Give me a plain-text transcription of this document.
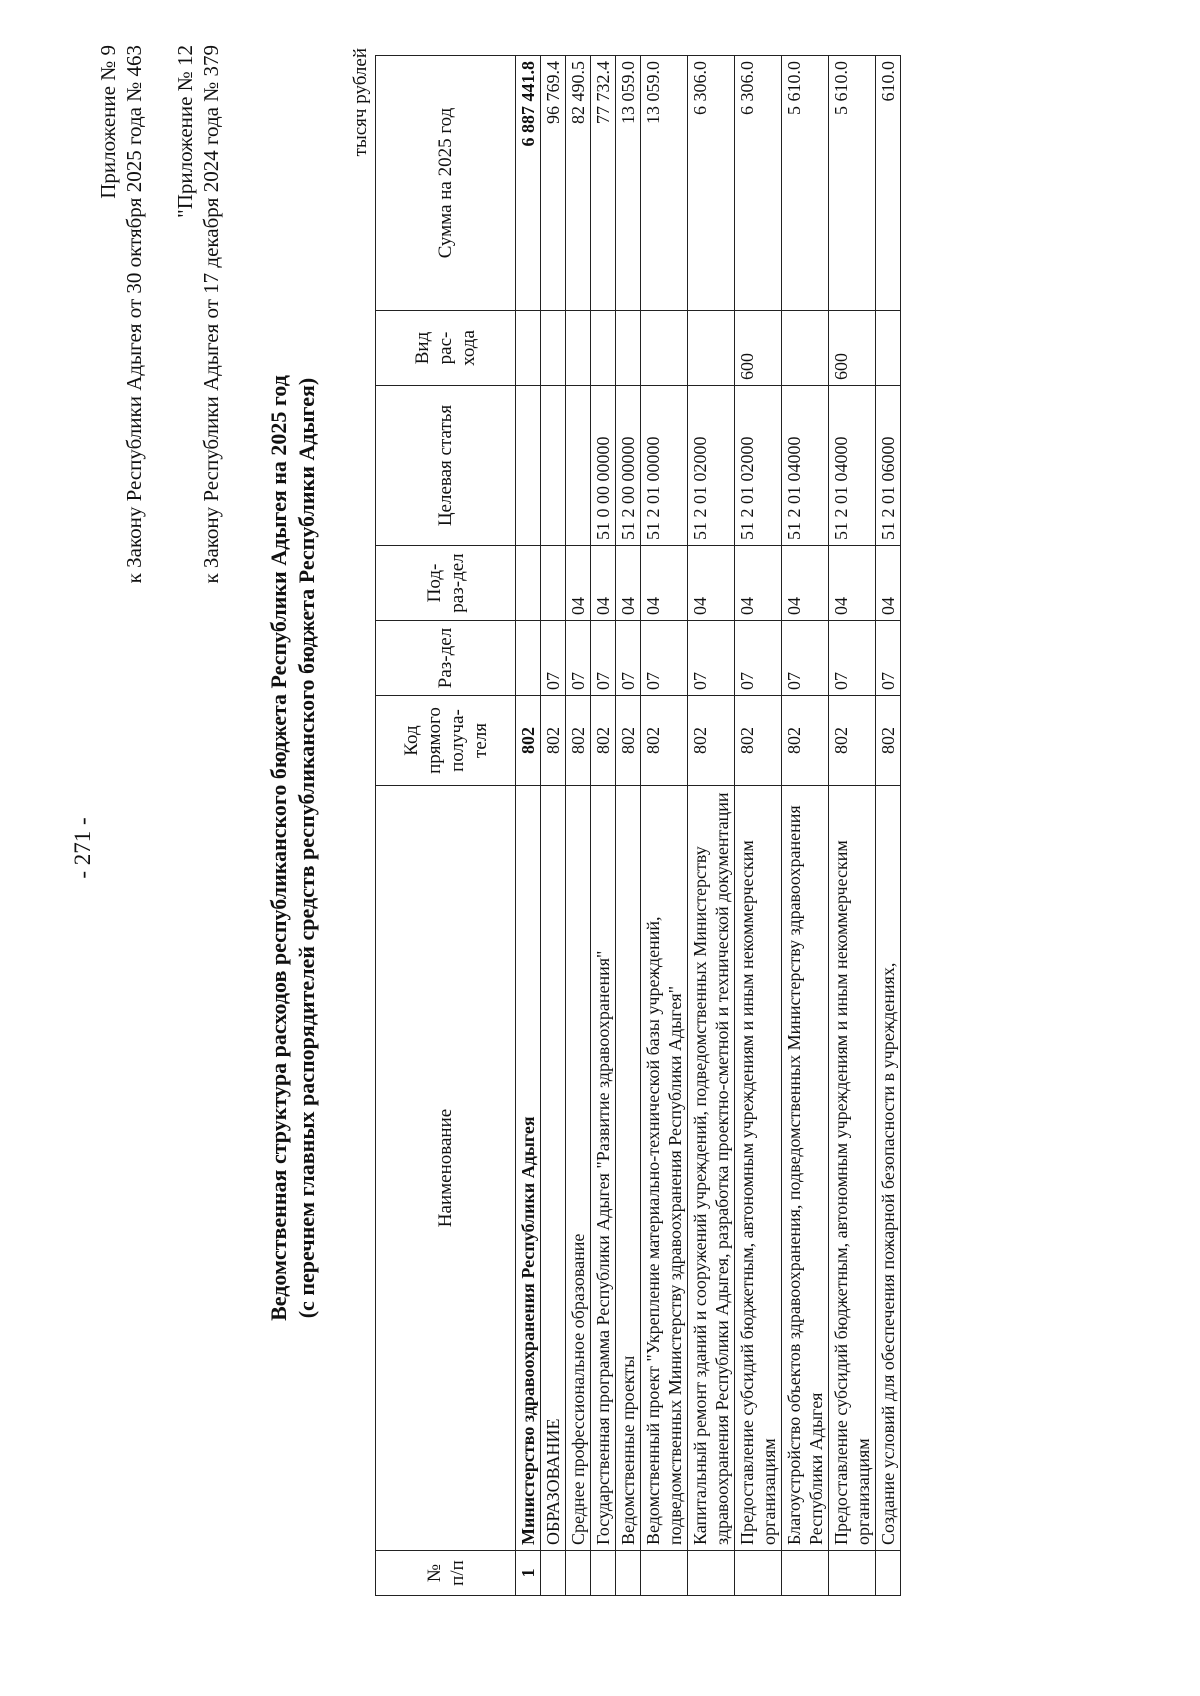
- 271 -
Приложение № 9 к Закону Республики Адыгея от 30 октября 2025 года № 463 "Приложение № 12 к Закону Республики Адыгея от 17 декабря 2024 года № 379
Ведомственная структура расходов республиканского бюджета Республики Адыгея на 2025 год (с перечнем главных распорядителей средств республиканского бюджета Республики Адыгея)
тысяч рублей
№ п/п	Наименование	Код прямого получа-теля	Раз-дел	Под-раз-дел	Целевая статья	Вид рас-хода	Сумма на 2025 год
1	Министерство здравоохранения Республики Адыгея	802					6 887 441.8
	ОБРАЗОВАНИЕ	802	07				96 769.4
	Среднее профессиональное образование	802	07	04			82 490.5
	Государственная программа Республики Адыгея "Развитие здравоохранения"	802	07	04	51 0 00 00000		77 732.4
	Ведомственные проекты	802	07	04	51 2 00 00000		13 059.0
	Ведомственный проект "Укрепление материально-технической базы учреждений, подведомственных Министерству здравоохранения Республики Адыгея"	802	07	04	51 2 01 00000		13 059.0
	Капитальный ремонт зданий и сооружений учреждений, подведомственных Министерству здравоохранения Республики Адыгея, разработка проектно-сметной и технической документации	802	07	04	51 2 01 02000		6 306.0
	Предоставление субсидий бюджетным, автономным учреждениям и иным некоммерческим организациям	802	07	04	51 2 01 02000	600	6 306.0
	Благоустройство объектов здравоохранения, подведомственных Министерству здравоохранения Республики Адыгея	802	07	04	51 2 01 04000		5 610.0
	Предоставление субсидий бюджетным, автономным учреждениям и иным некоммерческим организациям	802	07	04	51 2 01 04000	600	5 610.0
	Создание условий для обеспечения пожарной безопасности в учреждениях,	802	07	04	51 2 01 06000		610.0
